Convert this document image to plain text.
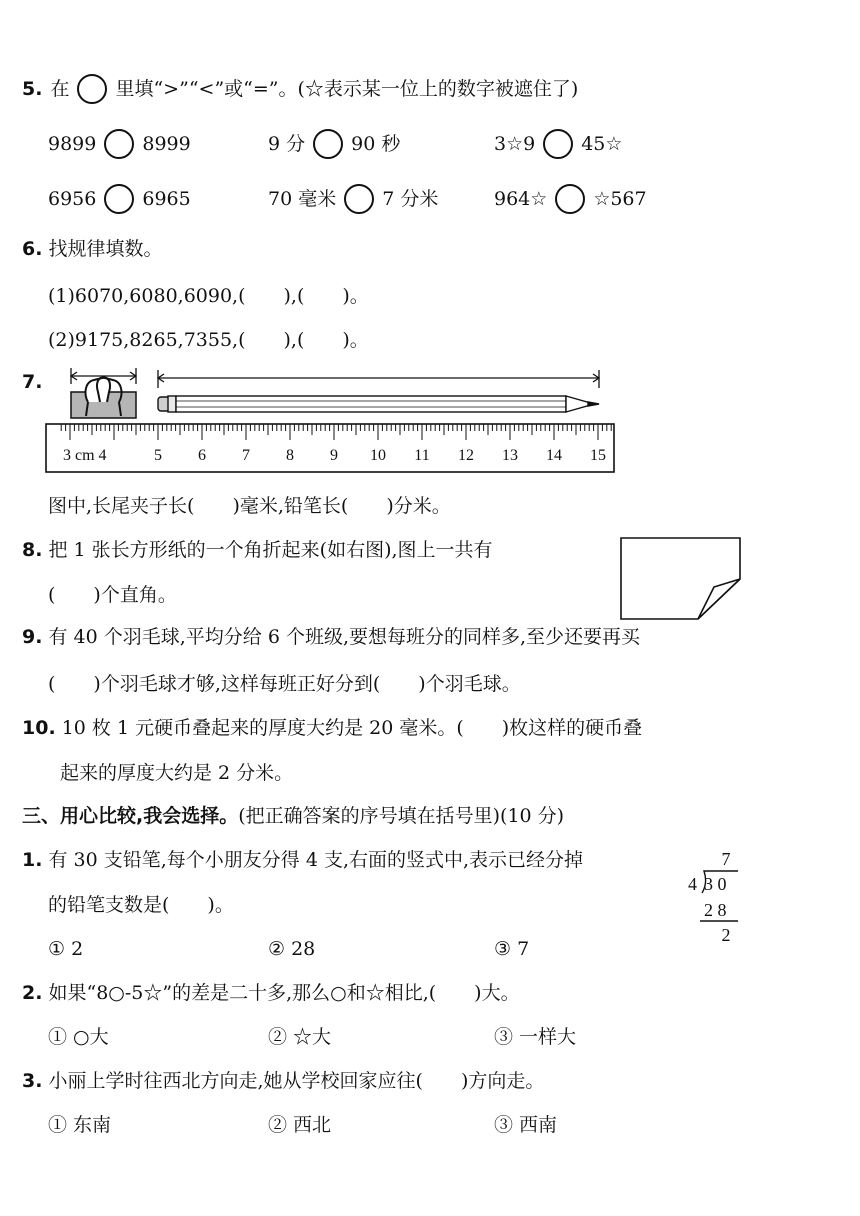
5. 在 里填“>”“<”或“=”。(☆表示某一位上的数字被遮住了)
9899 8999	9 分 90 秒	3☆9 45☆
6956 6965	70 毫米 7 分米	964☆ ☆567
6. 找规律填数。
(1)6070,6080,6090,(　　),(　　)。
(2)9175,8265,7355,(　　),(　　)。
7.
3 cm 4	5 6 7 8 9 10 11 12 13 14 15
图中,长尾夹子长(　　)毫米,铅笔长(　　)分米。
8. 把 1 张长方形纸的一个角折起来(如右图),图上一共有
(　　)个直角。
9. 有 40 个羽毛球,平均分给 6 个班级,要想每班分的同样多,至少还要再买
(　　)个羽毛球才够,这样每班正好分到(　　)个羽毛球。
10. 10 枚 1 元硬币叠起来的厚度大约是 20 毫米。(　　)枚这样的硬币叠
起来的厚度大约是 2 分米。
三、用心比较,我会选择。(把正确答案的序号填在括号里)(10 分)
1. 有 30 支铅笔,每个小朋友分得 4 支,右面的竖式中,表示已经分掉
的铅笔支数是(　　)。
7
4 3 0
2 8
2
① 2	② 28	③ 7
2. 如果“8○-5☆”的差是二十多,那么○和☆相比,(　　)大。
① ○大	② ☆大	③ 一样大
3. 小丽上学时往西北方向走,她从学校回家应往(　　)方向走。
① 东南	② 西北	③ 西南
